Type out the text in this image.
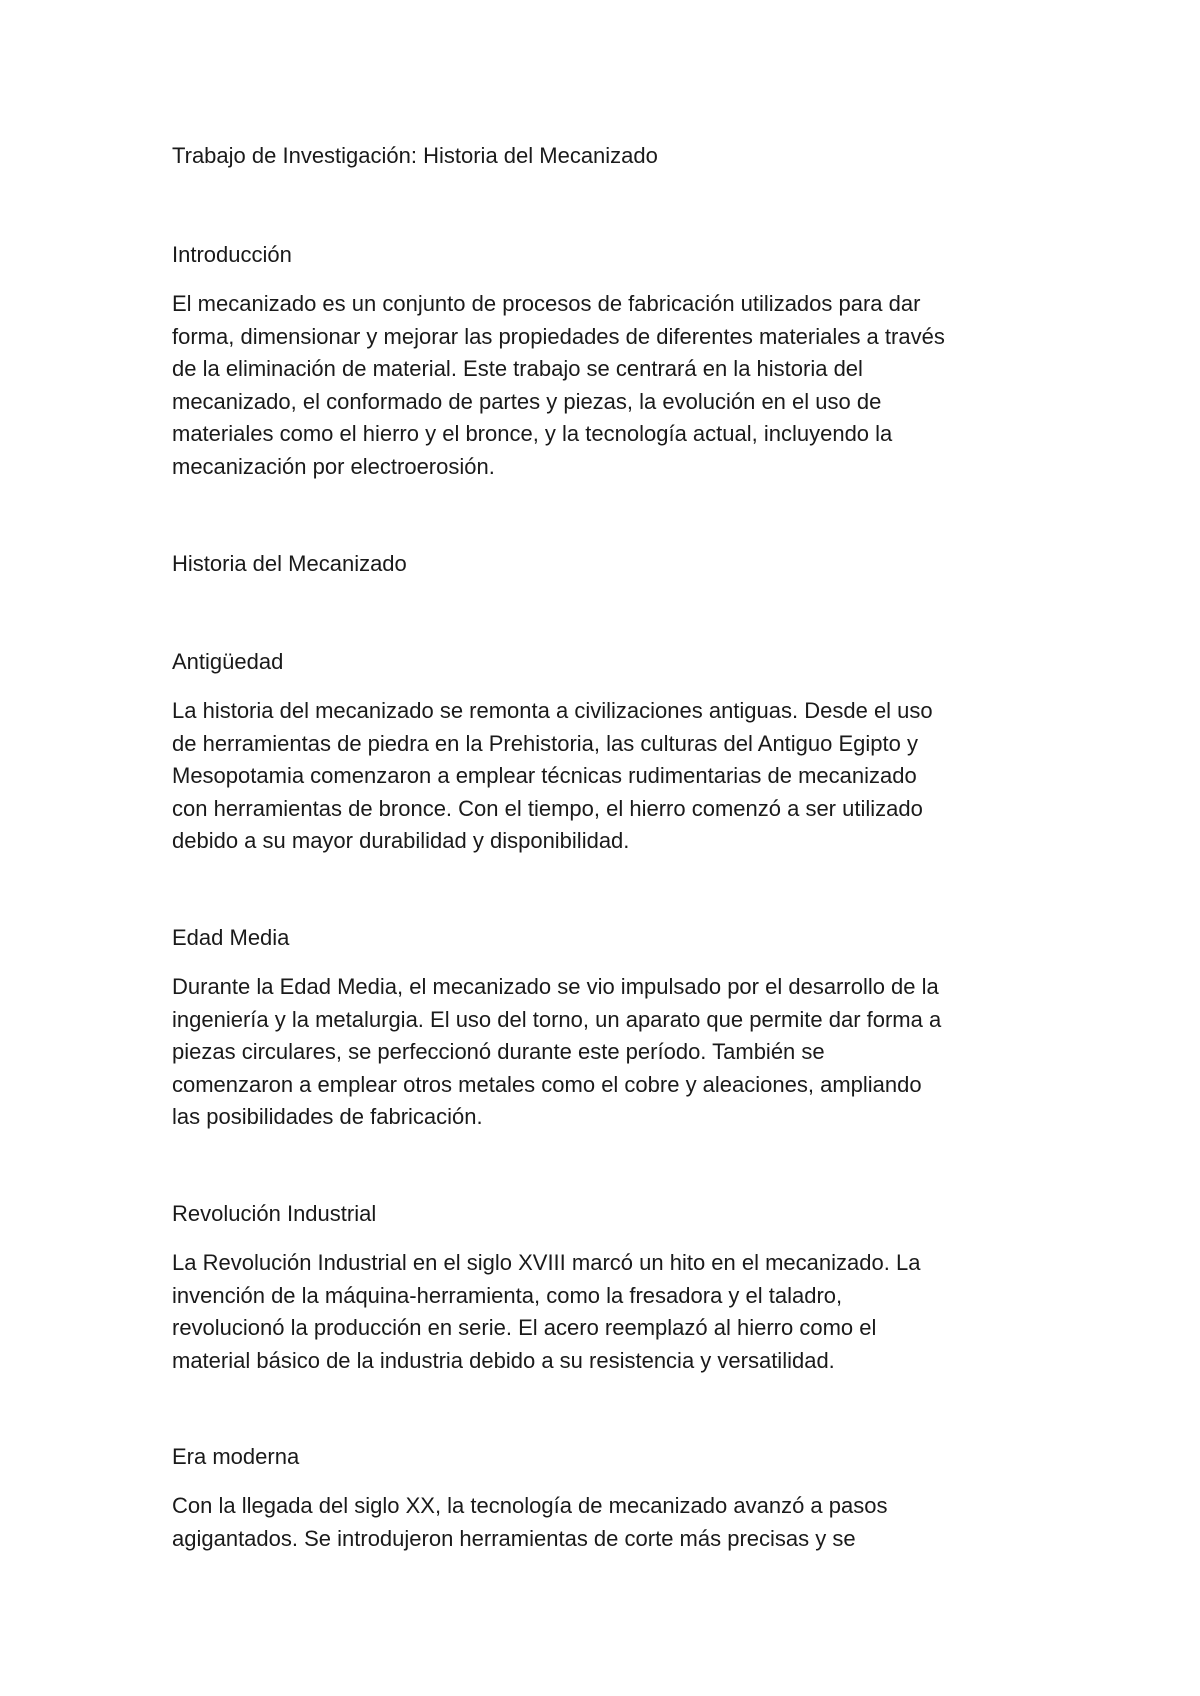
Trabajo de Investigación: Historia del Mecanizado
Introducción
El mecanizado es un conjunto de procesos de fabricación utilizados para dar
forma, dimensionar y mejorar las propiedades de diferentes materiales a través
de la eliminación de material. Este trabajo se centrará en la historia del
mecanizado, el conformado de partes y piezas, la evolución en el uso de
materiales como el hierro y el bronce, y la tecnología actual, incluyendo la
mecanización por electroerosión.
Historia del Mecanizado
Antigüedad
La historia del mecanizado se remonta a civilizaciones antiguas. Desde el uso
de herramientas de piedra en la Prehistoria, las culturas del Antiguo Egipto y
Mesopotamia comenzaron a emplear técnicas rudimentarias de mecanizado
con herramientas de bronce. Con el tiempo, el hierro comenzó a ser utilizado
debido a su mayor durabilidad y disponibilidad.
Edad Media
Durante la Edad Media, el mecanizado se vio impulsado por el desarrollo de la
ingeniería y la metalurgia. El uso del torno, un aparato que permite dar forma a
piezas circulares, se perfeccionó durante este período. También se
comenzaron a emplear otros metales como el cobre y aleaciones, ampliando
las posibilidades de fabricación.
Revolución Industrial
La Revolución Industrial en el siglo XVIII marcó un hito en el mecanizado. La
invención de la máquina-herramienta, como la fresadora y el taladro,
revolucionó la producción en serie. El acero reemplazó al hierro como el
material básico de la industria debido a su resistencia y versatilidad.
Era moderna
Con la llegada del siglo XX, la tecnología de mecanizado avanzó a pasos
agigantados. Se introdujeron herramientas de corte más precisas y se
